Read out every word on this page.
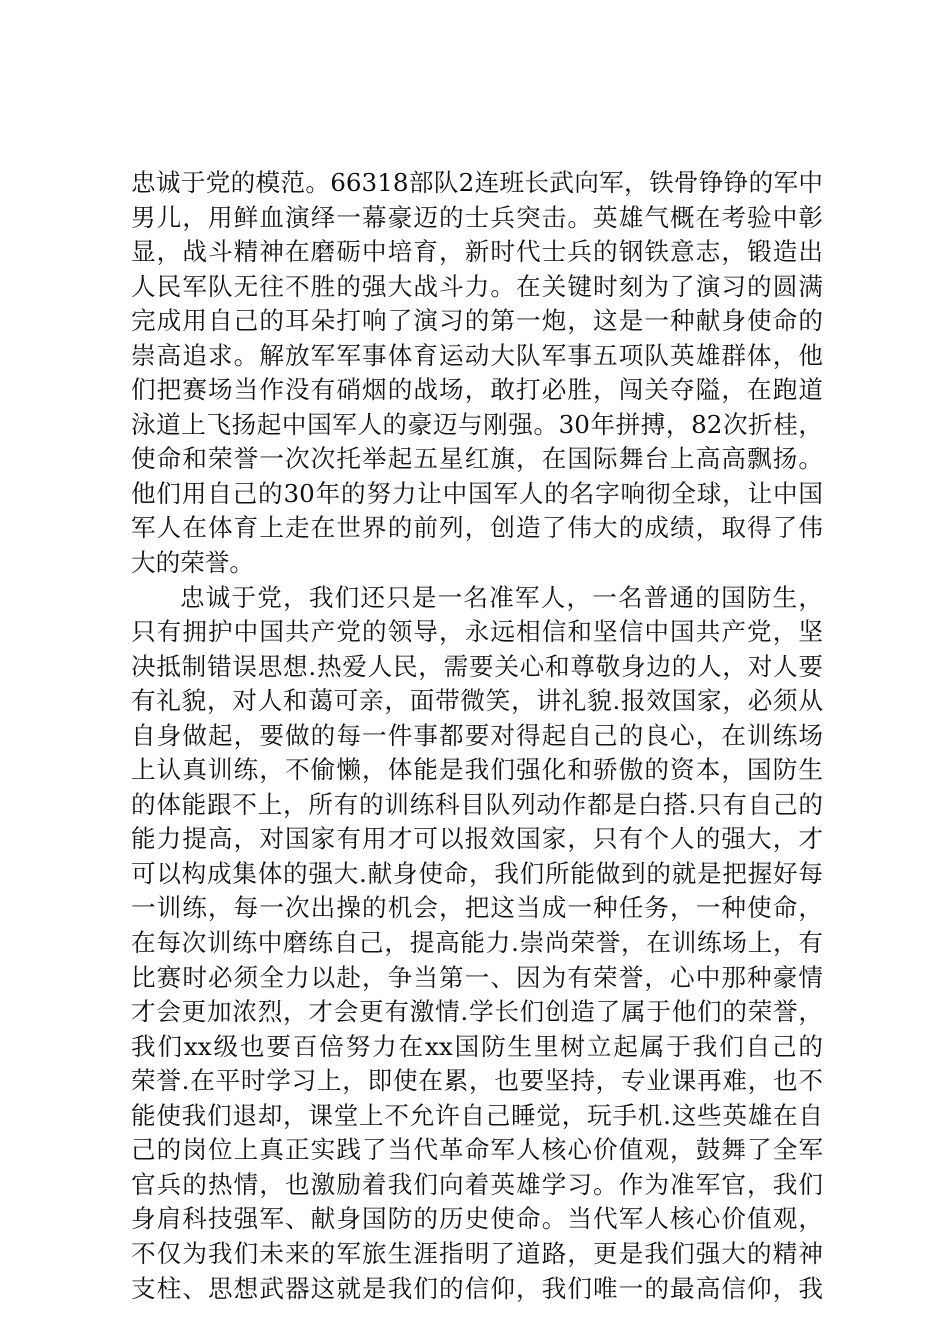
忠诚于党的模范。66318部队2连班长武向军，铁骨铮铮的军中
男儿，用鲜血演绎一幕豪迈的士兵突击。英雄气概在考验中彰
显，战斗精神在磨砺中培育，新时代士兵的钢铁意志，锻造出
人民军队无往不胜的强大战斗力。在关键时刻为了演习的圆满
完成用自己的耳朵打响了演习的第一炮，这是一种献身使命的
崇高追求。解放军军事体育运动大队军事五项队英雄群体，他
们把赛场当作没有硝烟的战场，敢打必胜，闯关夺隘，在跑道
泳道上飞扬起中国军人的豪迈与刚强。30年拼搏，82次折桂，
使命和荣誉一次次托举起五星红旗，在国际舞台上高高飘扬。
他们用自己的30年的努力让中国军人的名字响彻全球，让中国
军人在体育上走在世界的前列，创造了伟大的成绩，取得了伟
大的荣誉。
忠诚于党，我们还只是一名准军人，一名普通的国防生，
只有拥护中国共产党的领导，永远相信和坚信中国共产党，坚
决抵制错误思想.热爱人民，需要关心和尊敬身边的人，对人要
有礼貌，对人和蔼可亲，面带微笑，讲礼貌.报效国家，必须从
自身做起，要做的每一件事都要对得起自己的良心，在训练场
上认真训练，不偷懒，体能是我们强化和骄傲的资本，国防生
的体能跟不上，所有的训练科目队列动作都是白搭.只有自己的
能力提高，对国家有用才可以报效国家，只有个人的强大，才
可以构成集体的强大.献身使命，我们所能做到的就是把握好每
一训练，每一次出操的机会，把这当成一种任务，一种使命，
在每次训练中磨练自己，提高能力.崇尚荣誉，在训练场上，有
比赛时必须全力以赴，争当第一、因为有荣誉，心中那种豪情
才会更加浓烈，才会更有激情.学长们创造了属于他们的荣誉，
我们xx级也要百倍努力在xx国防生里树立起属于我们自己的
荣誉.在平时学习上，即使在累，也要坚持，专业课再难，也不
能使我们退却，课堂上不允许自己睡觉，玩手机.这些英雄在自
己的岗位上真正实践了当代革命军人核心价值观，鼓舞了全军
官兵的热情，也激励着我们向着英雄学习。作为准军官，我们
身肩科技强军、献身国防的历史使命。当代军人核心价值观，
不仅为我们未来的军旅生涯指明了道路，更是我们强大的精神
支柱、思想武器这就是我们的信仰，我们唯一的最高信仰，我
